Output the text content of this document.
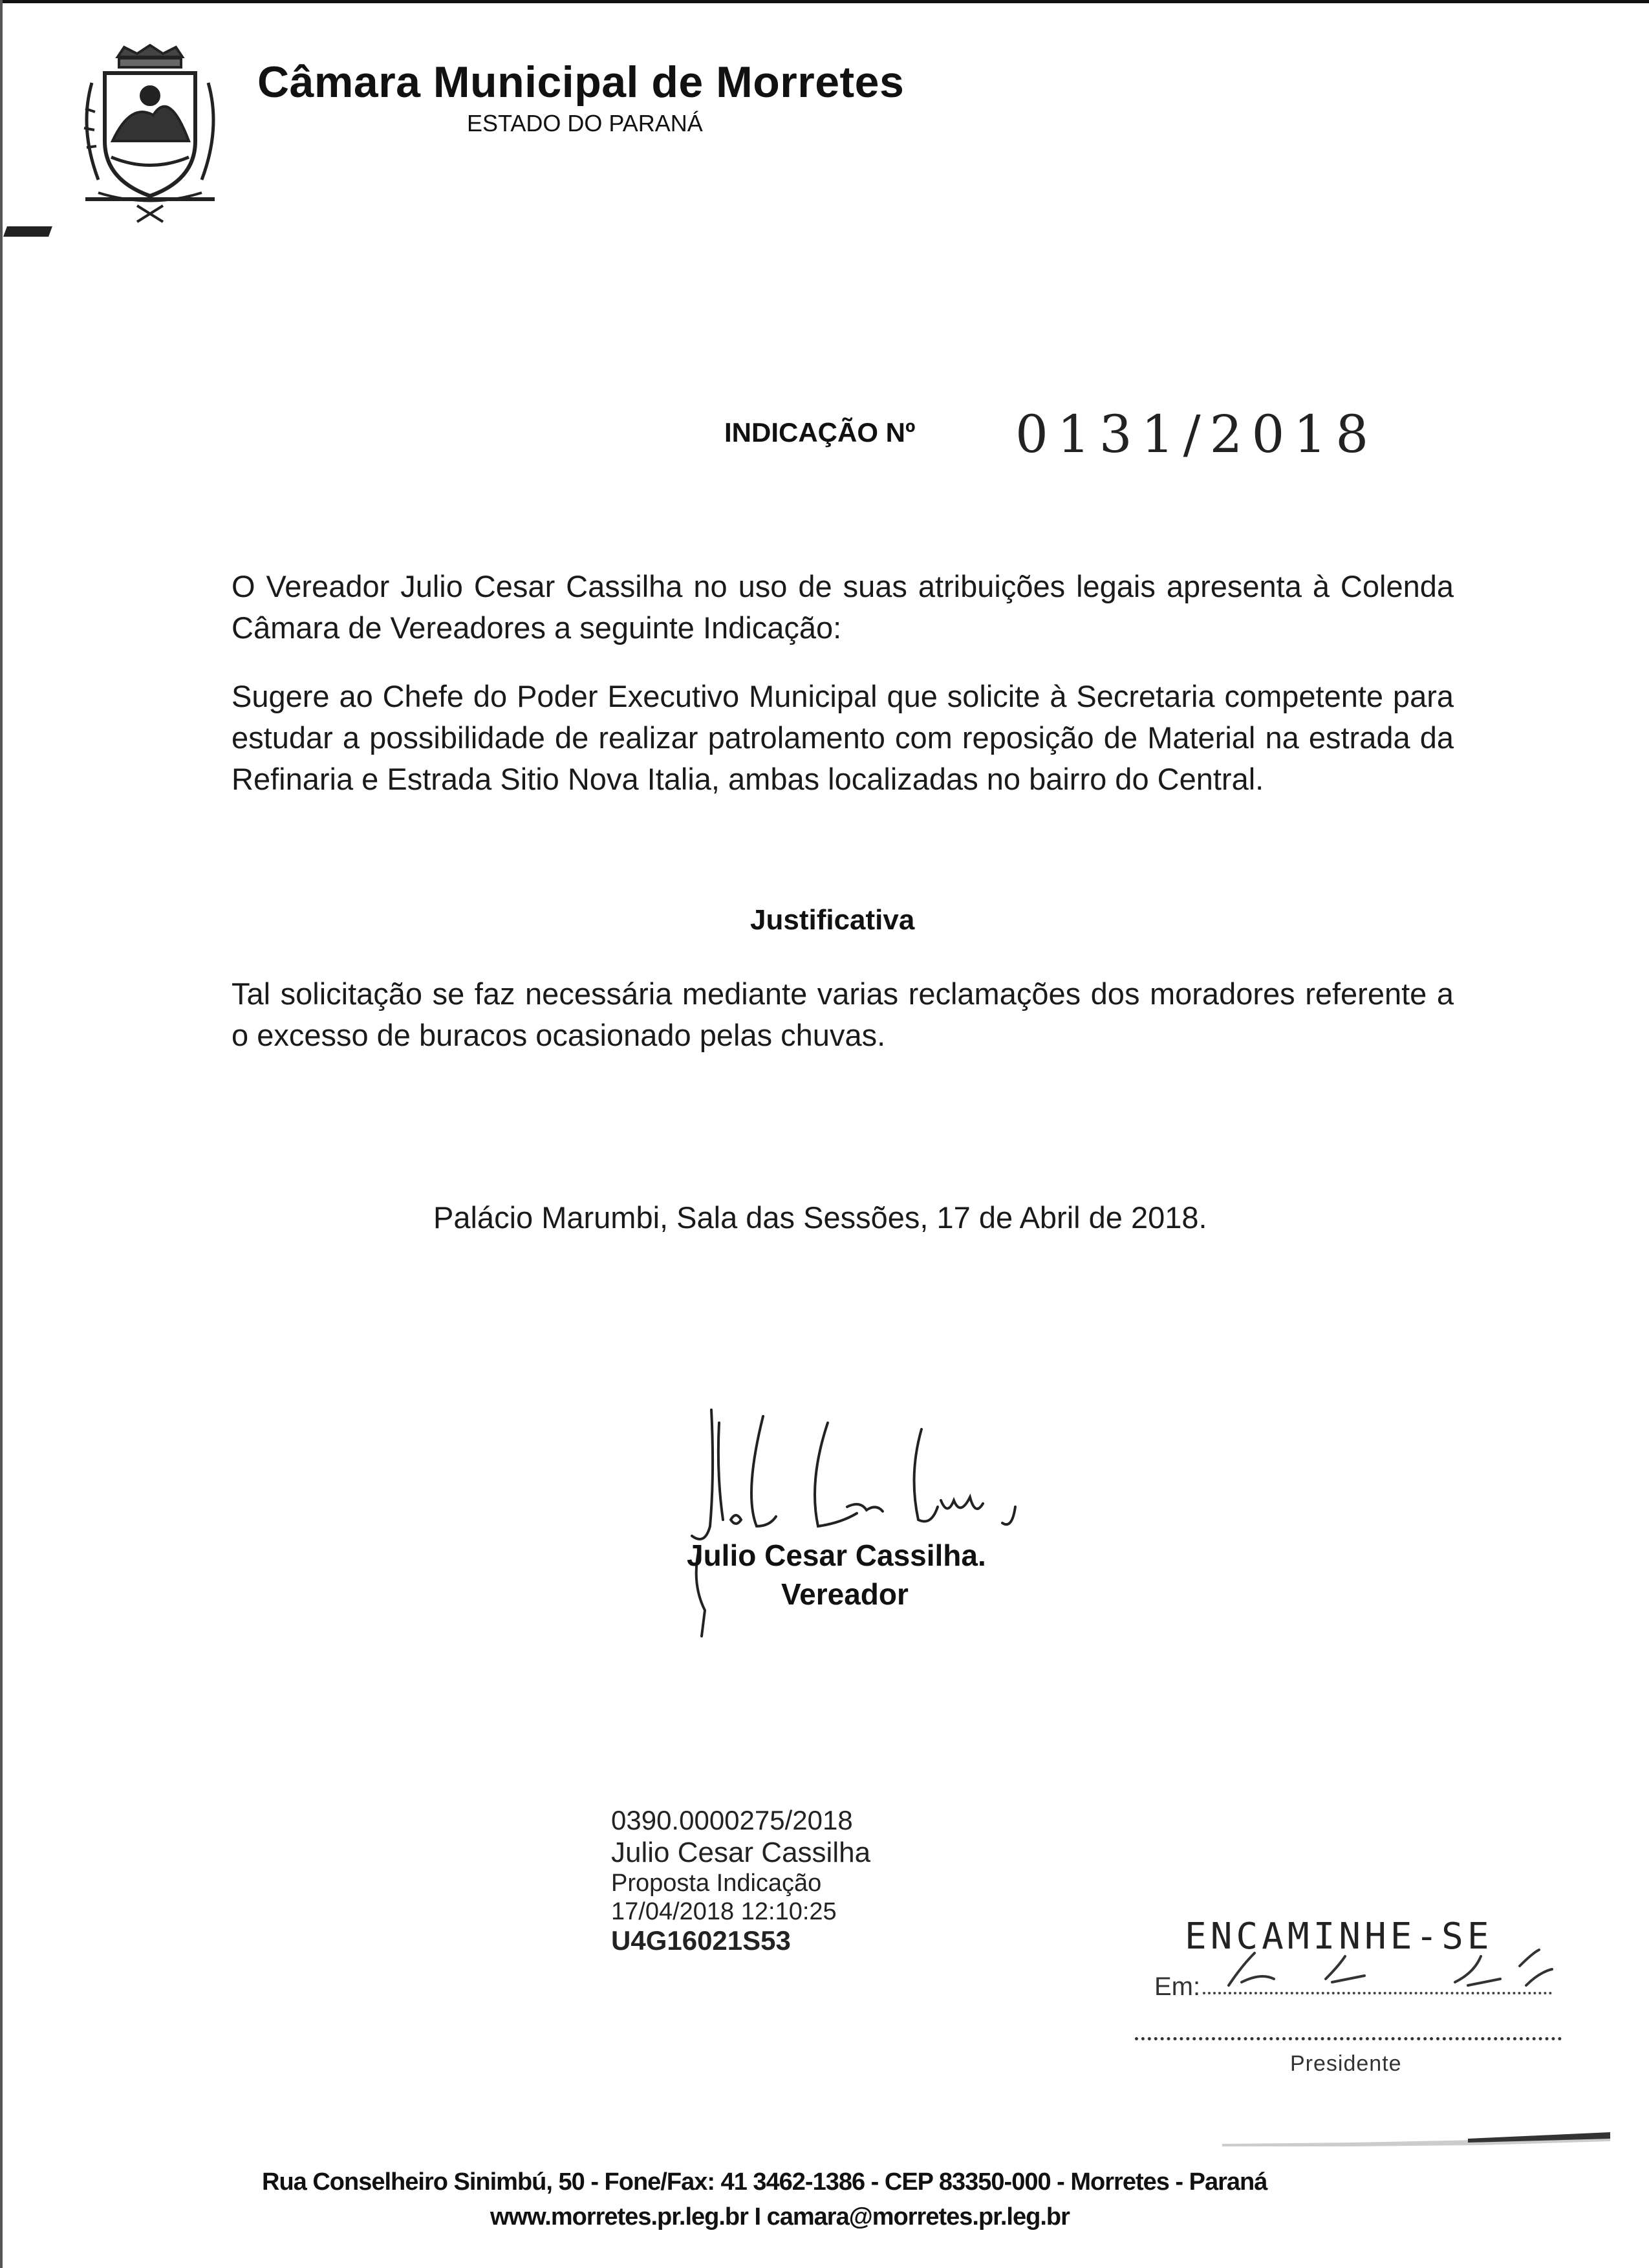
Câmara Municipal de Morretes
ESTADO DO PARANÁ
INDICAÇÃO Nº 0131/2018
O Vereador Julio Cesar Cassilha no uso de suas atribuições legais apresenta à Colenda Câmara de Vereadores a seguinte Indicação:
Sugere ao Chefe do Poder Executivo Municipal que solicite à Secretaria competente para estudar a possibilidade de realizar patrolamento com reposição de Material na estrada da Refinaria e Estrada Sitio Nova Italia, ambas localizadas no bairro do Central.
Justificativa
Tal solicitação se faz necessária mediante varias reclamações dos moradores referente a o excesso de buracos ocasionado pelas chuvas.
Palácio Marumbi, Sala das Sessões, 17 de Abril de 2018.
Julio Cesar Cassilha.
Vereador
0390.0000275/2018
Julio Cesar Cassilha
Proposta Indicação
17/04/2018 12:10:25
U4G16021S53	ENCAMINHE-SE
Em:
Presidente
Rua Conselheiro Sinimbú, 50 - Fone/Fax: 41 3462-1386 - CEP 83350-000 - Morretes - Paraná
www.morretes.pr.leg.br I camara@morretes.pr.leg.br
